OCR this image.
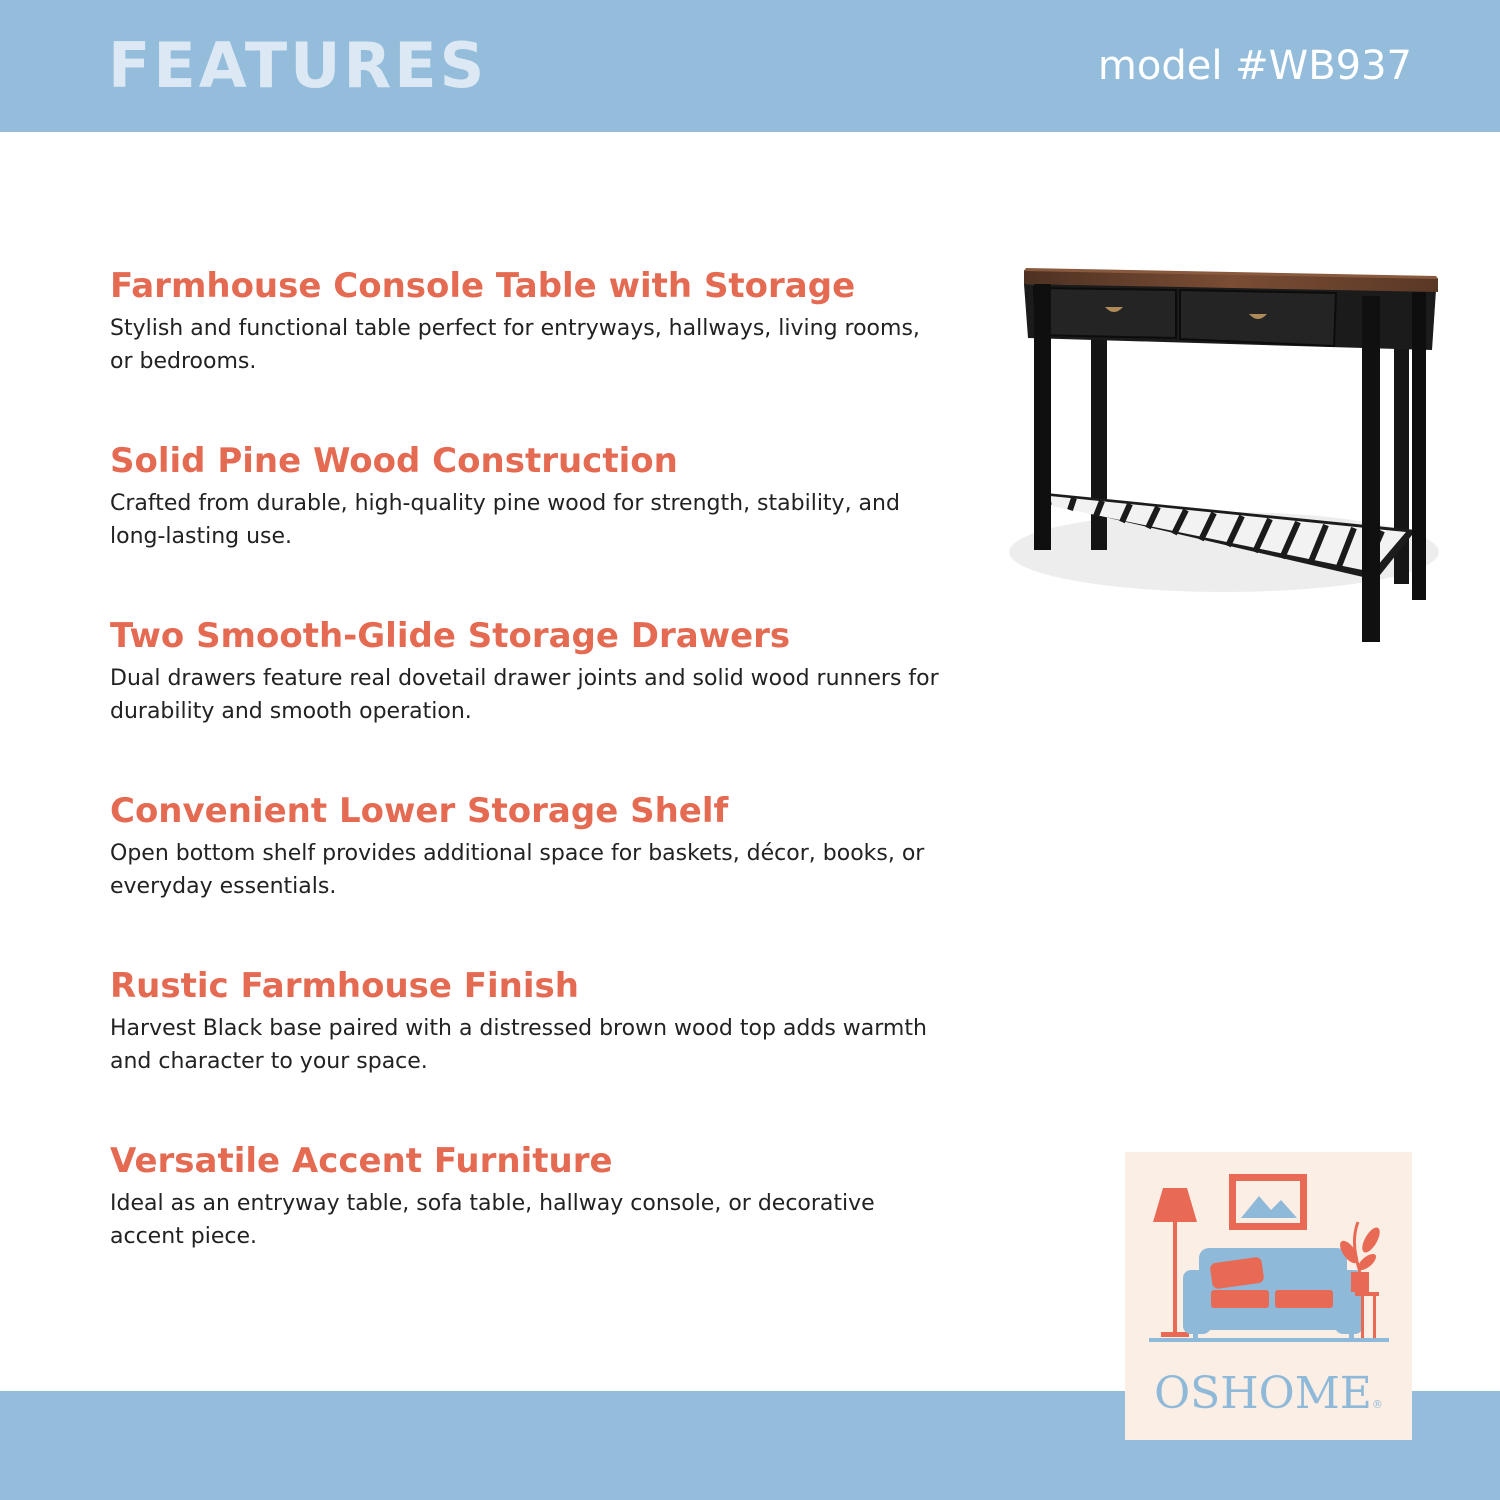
FEATURES	model #WB937
Farmhouse Console Table with Storage
Stylish and functional table perfect for entryways, hallways, living rooms, or bedrooms.
Solid Pine Wood Construction
Crafted from durable, high-quality pine wood for strength, stability, and long-lasting use.
Two Smooth-Glide Storage Drawers
Dual drawers feature real dovetail drawer joints and solid wood runners for durability and smooth operation.
Convenient Lower Storage Shelf
Open bottom shelf provides additional space for baskets, décor, books, or everyday essentials.
Rustic Farmhouse Finish
Harvest Black base paired with a distressed brown wood top adds warmth and character to your space.
Versatile Accent Furniture
Ideal as an entryway table, sofa table, hallway console, or decorative accent piece.
OSHOME®
